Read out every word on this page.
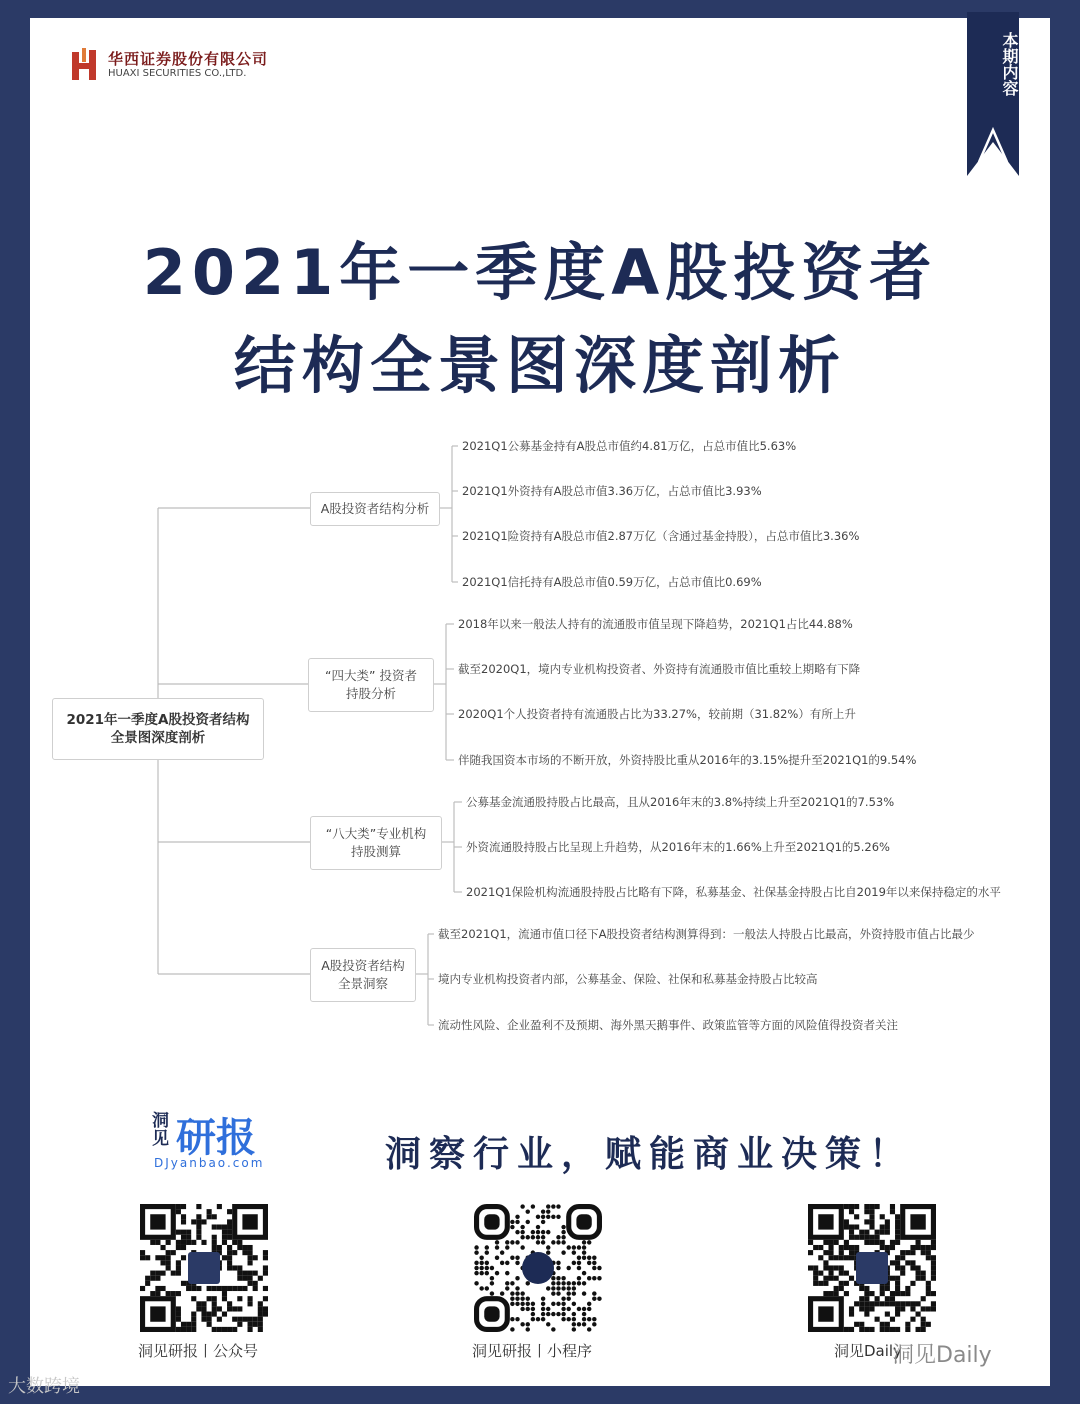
华西证券股份有限公司
HUAXI SECURITIES CO.,LTD.	本期内容
2021年一季度A股投资者
结构全景图深度剖析
2021年一季度A股投资者结构
全景图深度剖析
A股投资者结构分析
2021Q1公募基金持有A股总市值约4.81万亿，占总市值比5.63%
2021Q1外资持有A股总市值3.36万亿，占总市值比3.93%
2021Q1险资持有A股总市值2.87万亿（含通过基金持股），占总市值比3.36%
2021Q1信托持有A股总市值0.59万亿，占总市值比0.69%
“四大类” 投资者
持股分析
2018年以来一般法人持有的流通股市值呈现下降趋势，2021Q1占比44.88%
截至2020Q1，境内专业机构投资者、外资持有流通股市值比重较上期略有下降
2020Q1个人投资者持有流通股占比为33.27%，较前期（31.82%）有所上升
伴随我国资本市场的不断开放，外资持股比重从2016年的3.15%提升至2021Q1的9.54%
“八大类”专业机构
持股测算
公募基金流通股持股占比最高，且从2016年末的3.8%持续上升至2021Q1的7.53%
外资流通股持股占比呈现上升趋势，从2016年末的1.66%上升至2021Q1的5.26%
2021Q1保险机构流通股持股占比略有下降，私募基金、社保基金持股占比自2019年以来保持稳定的水平
A股投资者结构
全景洞察
截至2021Q1，流通市值口径下A股投资者结构测算得到：一般法人持股占比最高，外资持股市值占比最少
境内专业机构投资者内部，公募基金、保险、社保和私募基金持股占比较高
流动性风险、企业盈利不及预期、海外黑天鹅事件、政策监管等方面的风险值得投资者关注
洞见 研报
DJyanbao.com	洞察行业，赋能商业决策！
洞见研报丨公众号	洞见研报丨小程序	洞见Daily
大数跨境
洞见Daily
